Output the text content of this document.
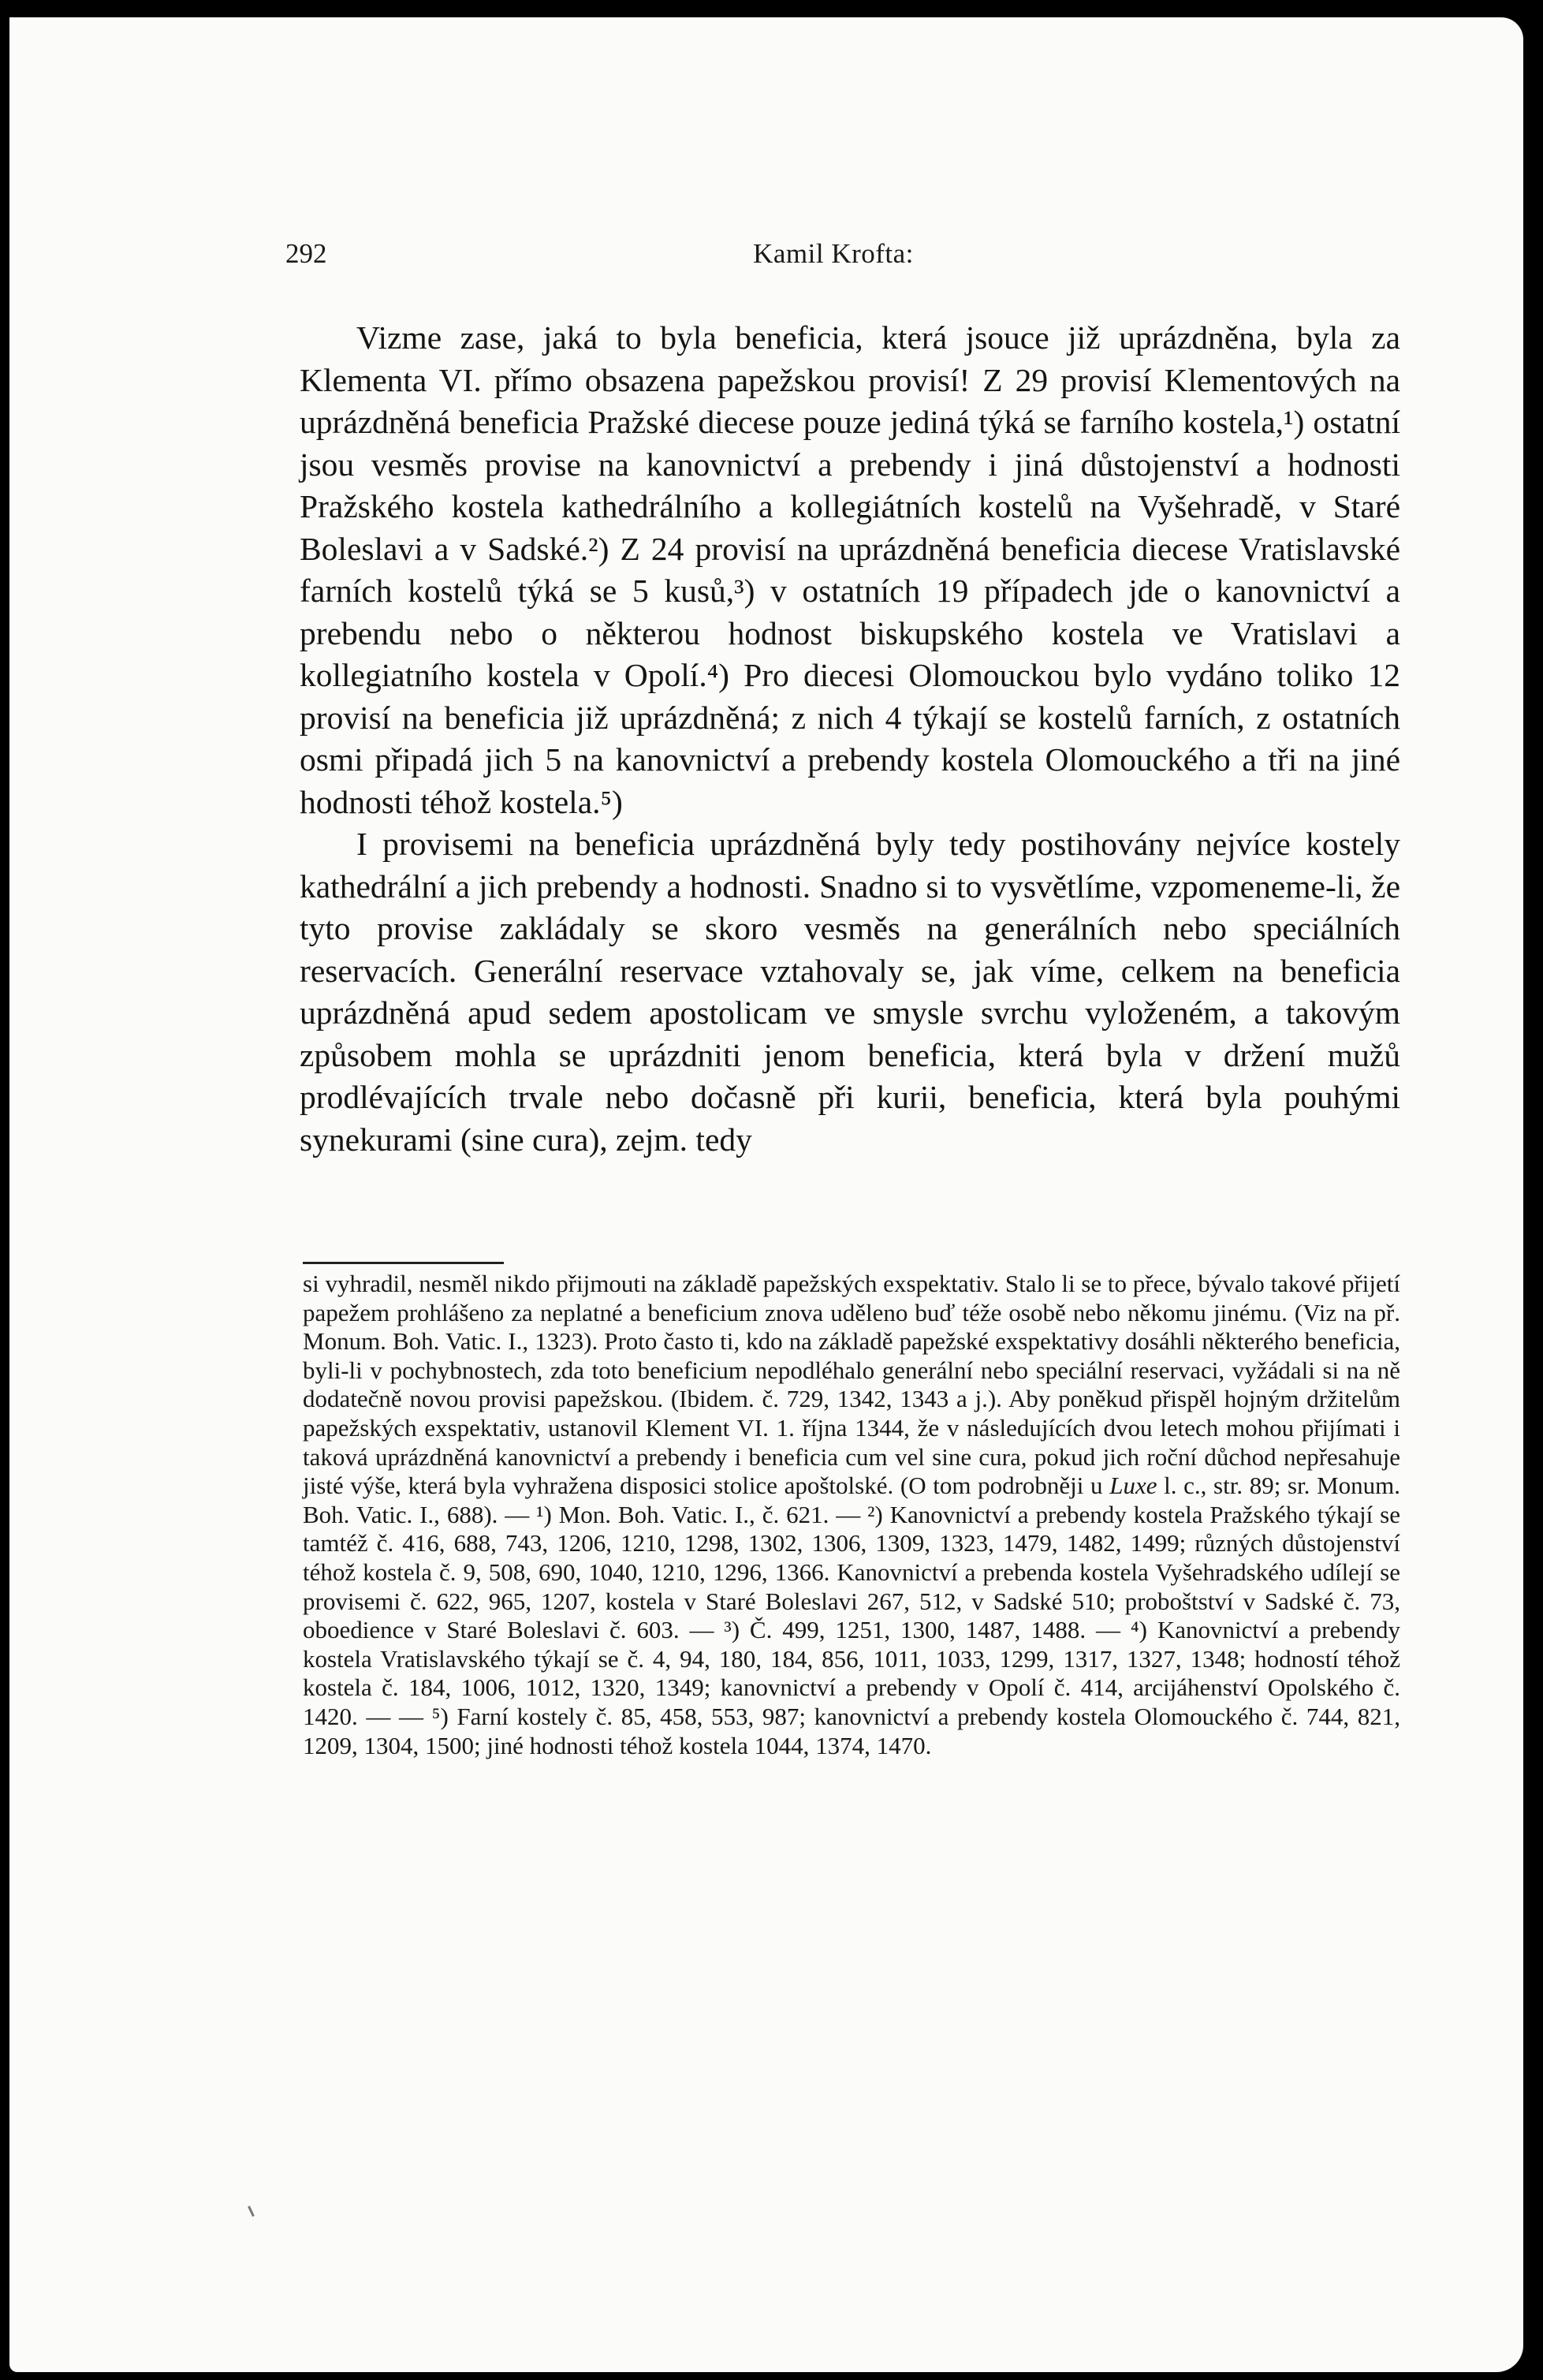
292	Kamil Krofta:

Vizme zase, jaká to byla beneficia, která jsouce již uprázdněna, byla za Klementa VI. přímo obsazena papežskou provisí! Z 29 provisí Klementových na uprázdněná beneficia Pražské diecese pouze jediná týká se farního kostela,¹) ostatní jsou vesměs provise na kanovnictví a prebendy i jiná důstojenství a hodnosti Pražského kostela kathedrálního a kollegiátních kostelů na Vyšehradě, v Staré Boleslavi a v Sadské.²) Z 24 provisí na uprázdněná beneficia diecese Vratislavské farních kostelů týká se 5 kusů,³) v ostatních 19 případech jde o kanovnictví a prebendu nebo o některou hodnost biskupského kostela ve Vratislavi a kollegiatního kostela v Opolí.⁴) Pro diecesi Olomouckou bylo vydáno toliko 12 provisí na beneficia již uprázdněná; z nich 4 týkají se kostelů farních, z ostatních osmi připadá jich 5 na kanovnictví a prebendy kostela Olomouckého a tři na jiné hodnosti téhož kostela.⁵)

I provisemi na beneficia uprázdněná byly tedy postihovány nejvíce kostely kathedrální a jich prebendy a hodnosti. Snadno si to vysvětlíme, vzpomeneme-li, že tyto provise zakládaly se skoro vesměs na generálních nebo speciálních reservacích. Generální reservace vztahovaly se, jak víme, celkem na beneficia uprázdněná apud sedem apostolicam ve smysle svrchu vyloženém, a takovým způsobem mohla se uprázdniti jenom beneficia, která byla v držení mužů prodlévajících trvale nebo dočasně při kurii, beneficia, která byla pouhými synekurami (sine cura), zejm. tedy

si vyhradil, nesměl nikdo přijmouti na základě papežských exspektativ. Stalo li se to přece, bývalo takové přijetí papežem prohlášeno za neplatné a beneficium znova uděleno buď téže osobě nebo někomu jinému. (Viz na př. Monum. Boh. Vatic. I., 1323). Proto často ti, kdo na základě papežské exspektativy dosáhli některého beneficia, byli-li v pochybnostech, zda toto beneficium nepodléhalo generální nebo speciální reservaci, vyžádali si na ně dodatečně novou provisi papežskou. (Ibidem. č. 729, 1342, 1343 a j.). Aby poněkud přispěl hojným držitelům papežských exspektativ, ustanovil Klement VI. 1. října 1344, že v následujících dvou letech mohou přijímati i taková uprázdněná kanovnictví a prebendy i beneficia cum vel sine cura, pokud jich roční důchod nepřesahuje jisté výše, která byla vyhražena disposici stolice apoštolské. (O tom podrobněji u Luxe l. c., str. 89; sr. Monum. Boh. Vatic. I., 688). — ¹) Mon. Boh. Vatic. I., č. 621. — ²) Kanovnictví a prebendy kostela Pražského týkají se tamtéž č. 416, 688, 743, 1206, 1210, 1298, 1302, 1306, 1309, 1323, 1479, 1482, 1499; různých důstojenství téhož kostela č. 9, 508, 690, 1040, 1210, 1296, 1366. Kanovnictví a prebenda kostela Vyšehradského udílejí se provisemi č. 622, 965, 1207, kostela v Staré Boleslavi 267, 512, v Sadské 510; proboštství v Sadské č. 73, oboedience v Staré Boleslavi č. 603. — ³) Č. 499, 1251, 1300, 1487, 1488. — ⁴) Kanovnictví a prebendy kostela Vratislavského týkají se č. 4, 94, 180, 184, 856, 1011, 1033, 1299, 1317, 1327, 1348; hodností téhož kostela č. 184, 1006, 1012, 1320, 1349; kanovnictví a prebendy v Opolí č. 414, arcijáhenství Opolského č. 1420. — — ⁵) Farní kostely č. 85, 458, 553, 987; kanovnictví a prebendy kostela Olomouckého č. 744, 821, 1209, 1304, 1500; jiné hodnosti téhož kostela 1044, 1374, 1470.
